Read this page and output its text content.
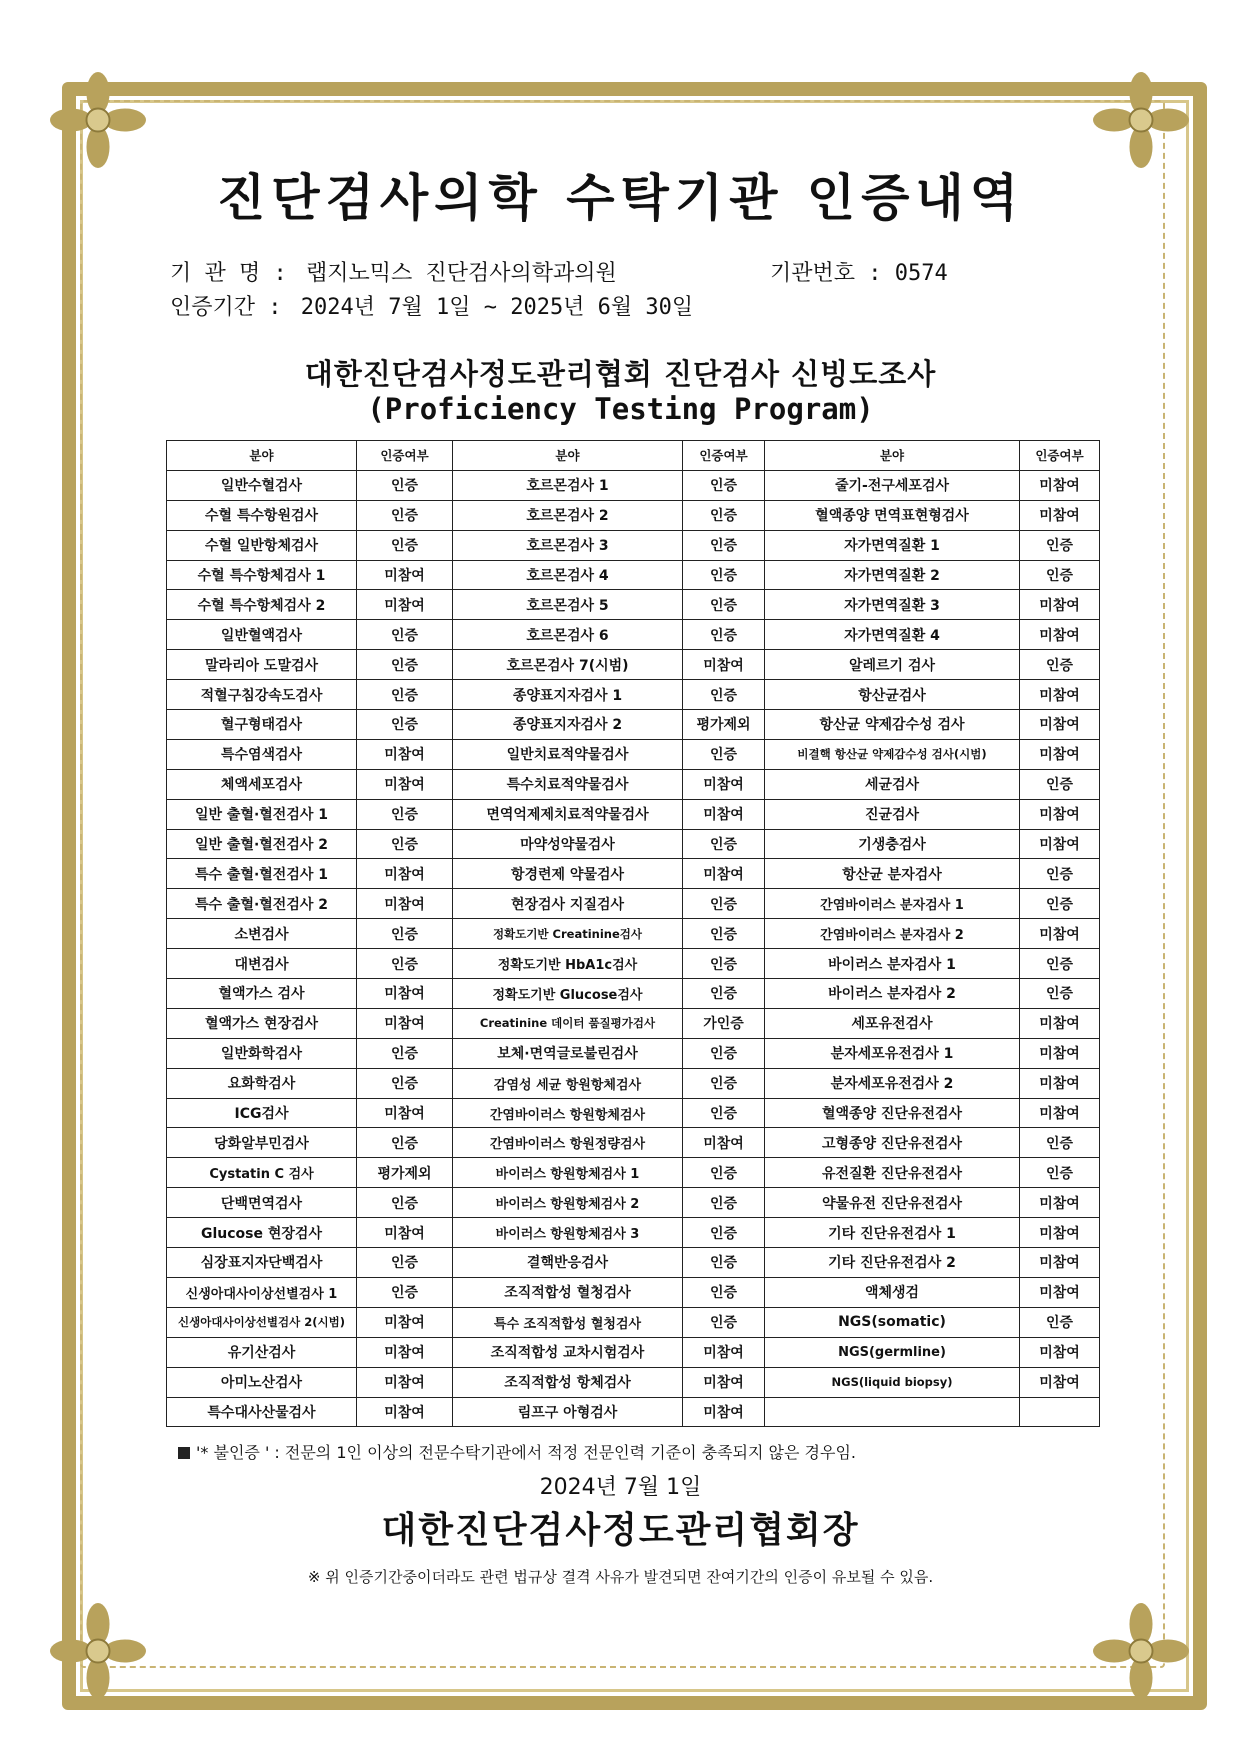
진단검사의학 수탁기관 인증내역
기 관 명 : 랩지노믹스 진단검사의학과의원	기관번호 : 0574
인증기간 : 2024년 7월 1일 ~ 2025년 6월 30일
대한진단검사정도관리협회 진단검사 신빙도조사
(Proficiency Testing Program)
분야	인증여부	분야	인증여부	분야	인증여부
일반수혈검사	인증	호르몬검사 1	인증	줄기-전구세포검사	미참여
수혈 특수항원검사	인증	호르몬검사 2	인증	혈액종양 면역표현형검사	미참여
수혈 일반항체검사	인증	호르몬검사 3	인증	자가면역질환 1	인증
수혈 특수항체검사 1	미참여	호르몬검사 4	인증	자가면역질환 2	인증
수혈 특수항체검사 2	미참여	호르몬검사 5	인증	자가면역질환 3	미참여
일반혈액검사	인증	호르몬검사 6	인증	자가면역질환 4	미참여
말라리아 도말검사	인증	호르몬검사 7(시범)	미참여	알레르기 검사	인증
적혈구침강속도검사	인증	종양표지자검사 1	인증	항산균검사	미참여
혈구형태검사	인증	종양표지자검사 2	평가제외	항산균 약제감수성 검사	미참여
특수염색검사	미참여	일반치료적약물검사	인증	비결핵 항산균 약제감수성 검사(시범)	미참여
체액세포검사	미참여	특수치료적약물검사	미참여	세균검사	인증
일반 출혈·혈전검사 1	인증	면역억제제치료적약물검사	미참여	진균검사	미참여
일반 출혈·혈전검사 2	인증	마약성약물검사	인증	기생충검사	미참여
특수 출혈·혈전검사 1	미참여	항경련제 약물검사	미참여	항산균 분자검사	인증
특수 출혈·혈전검사 2	미참여	현장검사 지질검사	인증	간염바이러스 분자검사 1	인증
소변검사	인증	정확도기반 Creatinine검사	인증	간염바이러스 분자검사 2	미참여
대변검사	인증	정확도기반 HbA1c검사	인증	바이러스 분자검사 1	인증
혈액가스 검사	미참여	정확도기반 Glucose검사	인증	바이러스 분자검사 2	인증
혈액가스 현장검사	미참여	Creatinine 데이터 품질평가검사	가인증	세포유전검사	미참여
일반화학검사	인증	보체·면역글로불린검사	인증	분자세포유전검사 1	미참여
요화학검사	인증	감염성 세균 항원항체검사	인증	분자세포유전검사 2	미참여
ICG검사	미참여	간염바이러스 항원항체검사	인증	혈액종양 진단유전검사	미참여
당화알부민검사	인증	간염바이러스 항원정량검사	미참여	고형종양 진단유전검사	인증
Cystatin C 검사	평가제외	바이러스 항원항체검사 1	인증	유전질환 진단유전검사	인증
단백면역검사	인증	바이러스 항원항체검사 2	인증	약물유전 진단유전검사	미참여
Glucose 현장검사	미참여	바이러스 항원항체검사 3	인증	기타 진단유전검사 1	미참여
심장표지자단백검사	인증	결핵반응검사	인증	기타 진단유전검사 2	미참여
신생아대사이상선별검사 1	인증	조직적합성 혈청검사	인증	액체생검	미참여
신생아대사이상선별검사 2(시범)	미참여	특수 조직적합성 혈청검사	인증	NGS(somatic)	인증
유기산검사	미참여	조직적합성 교차시험검사	미참여	NGS(germline)	미참여
아미노산검사	미참여	조직적합성 항체검사	미참여	NGS(liquid biopsy)	미참여
특수대사산물검사	미참여	림프구 아형검사	미참여		
'* 불인증 ' : 전문의 1인 이상의 전문수탁기관에서 적정 전문인력 기준이 충족되지 않은 경우임.
2024년 7월 1일
대한진단검사정도관리협회장
※ 위 인증기간중이더라도 관련 법규상 결격 사유가 발견되면 잔여기간의 인증이 유보될 수 있음.
